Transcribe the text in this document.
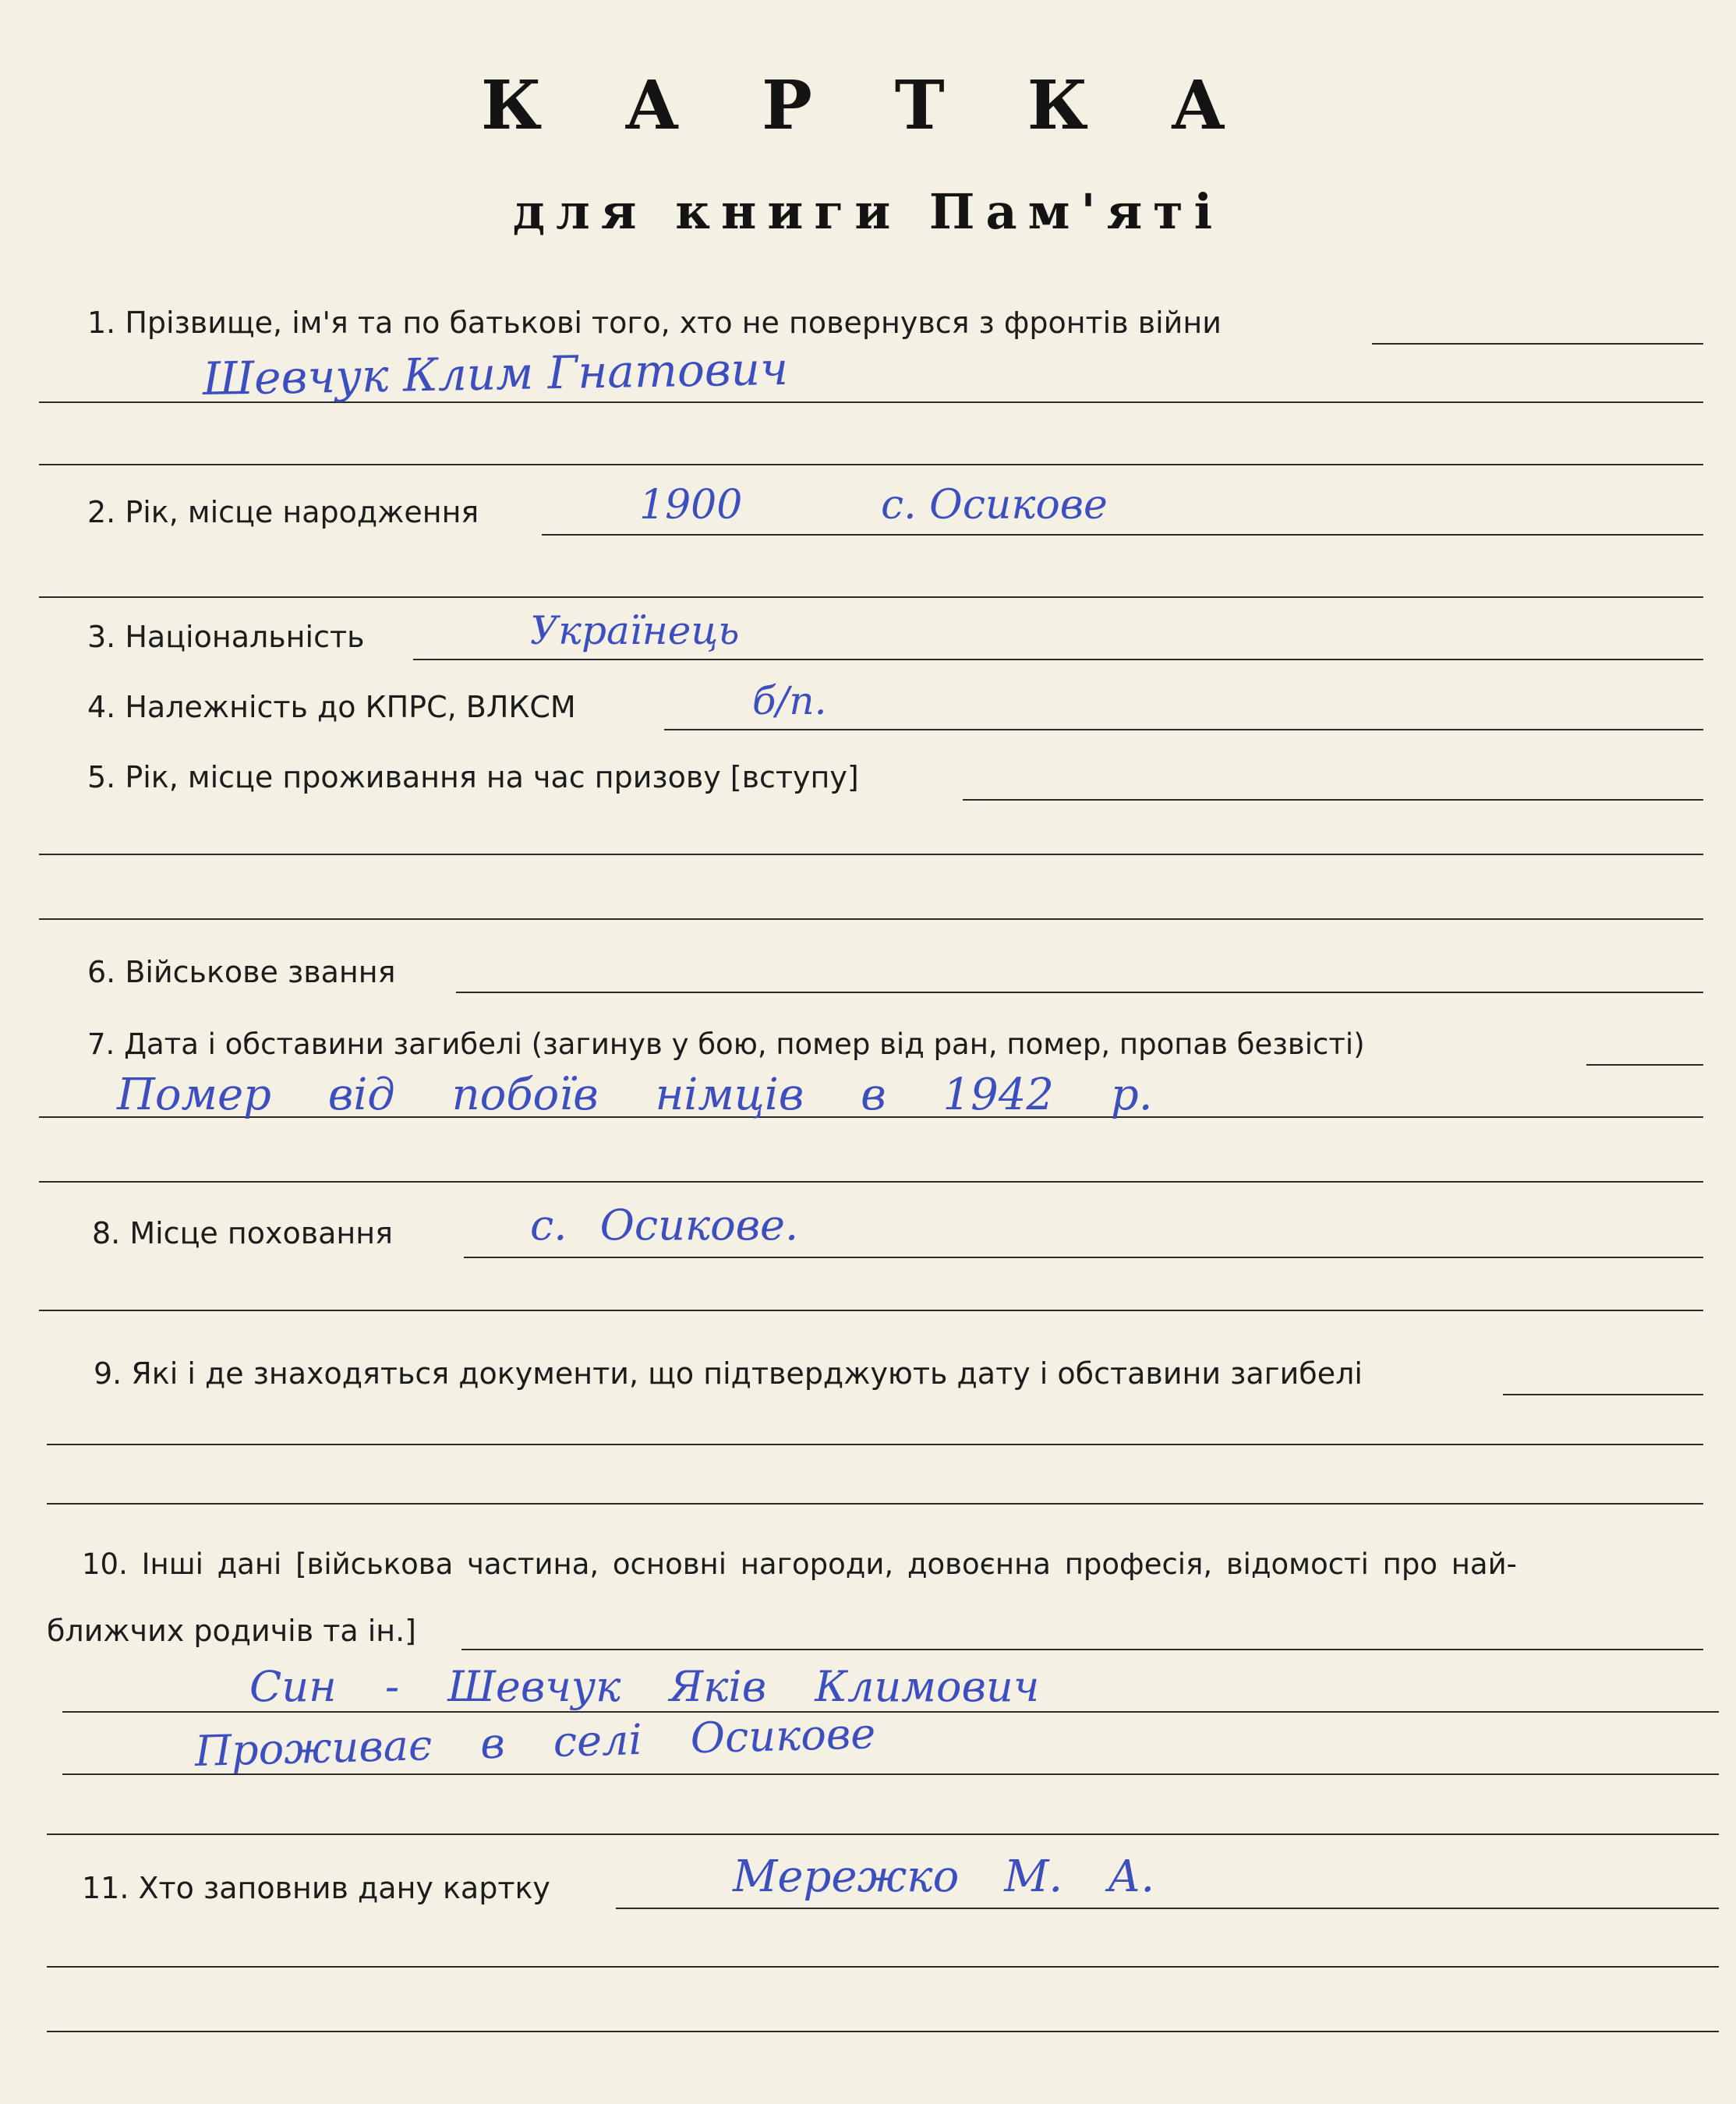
К А Р Т К А
для книги Пам'яті
1. Прізвище, ім'я та по батькові того, хто не повернувся з фронтів війни
Шевчук Клим Гнатович
2. Рік, місце народження	1900	с. Осикове
3. Національність	Українець
4. Належність до КПРС, ВЛКСМ	б/п.
5. Рік, місце проживання на час призову [вступу]
6. Військове звання
7. Дата і обставини загибелі (загинув у бою, помер від ран, помер, пропав безвісті)
Помер від побоїв німців в 1942 р.
8. Місце поховання	с. Осикове.
9. Які і де знаходяться документи, що підтверджують дату і обставини загибелі
10. Інші дані [військова частина, основні нагороди, довоєнна професія, відомості про най-
ближчих родичів та ін.]
Син - Шевчук Яків Климович
Проживає в селі Осикове
11. Хто заповнив дану картку	Мережко М. А.
